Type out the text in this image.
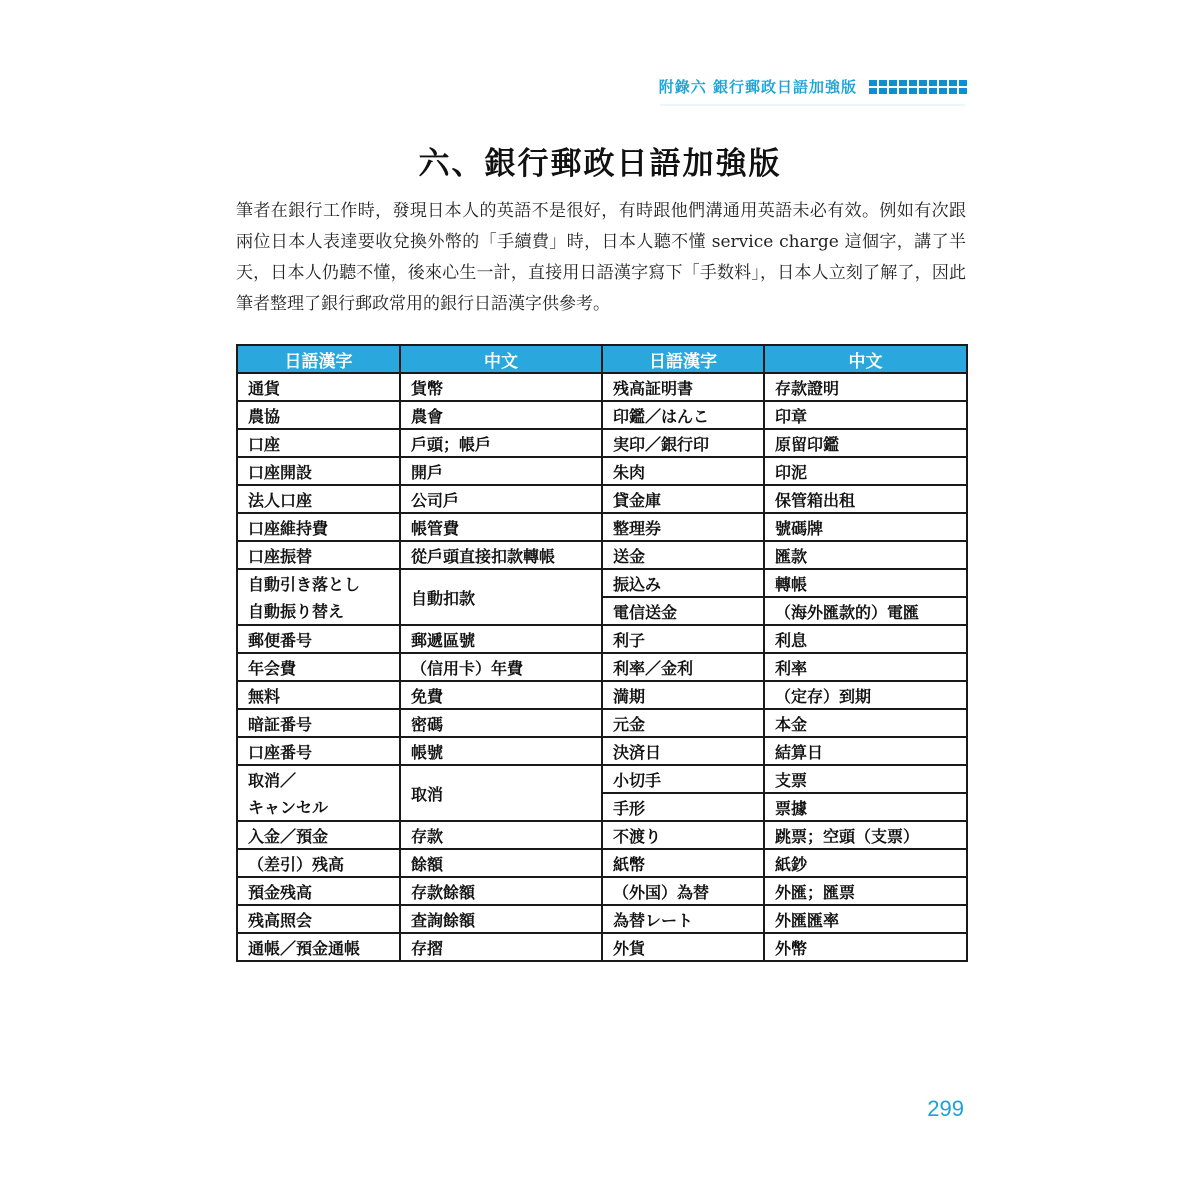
附錄六 銀行郵政日語加強版
六、銀行郵政日語加強版

筆者在銀行工作時，發現日本人的英語不是很好，有時跟他們溝通用英語未必有效。例如有次跟兩位日本人表達要收兌換外幣的「手續費」時，日本人聽不懂 service charge 這個字，講了半天，日本人仍聽不懂，後來心生一計，直接用日語漢字寫下「手数料」，日本人立刻了解了，因此筆者整理了銀行郵政常用的銀行日語漢字供參考。

日語漢字	中文	日語漢字	中文
通貨	貨幣	残高証明書	存款證明
農協	農會	印鑑／はんこ	印章
口座	戶頭；帳戶	実印／銀行印	原留印鑑
口座開設	開戶	朱肉	印泥
法人口座	公司戶	貸金庫	保管箱出租
口座維持費	帳管費	整理券	號碼牌
口座振替	從戶頭直接扣款轉帳	送金	匯款
自動引き落とし	自動扣款	振込み	轉帳
自動振り替え		電信送金	（海外匯款的）電匯
郵便番号	郵遞區號	利子	利息
年会費	（信用卡）年費	利率／金利	利率
無料	免費	満期	（定存）到期
暗証番号	密碼	元金	本金
口座番号	帳號	決済日	結算日
取消／	取消	小切手	支票
キャンセル		手形	票據
入金／預金	存款	不渡り	跳票；空頭（支票）
（差引）残高	餘額	紙幣	紙鈔
預金残高	存款餘額	（外国）為替	外匯；匯票
残高照会	查詢餘額	為替レート	外匯匯率
通帳／預金通帳	存摺	外貨	外幣
299
